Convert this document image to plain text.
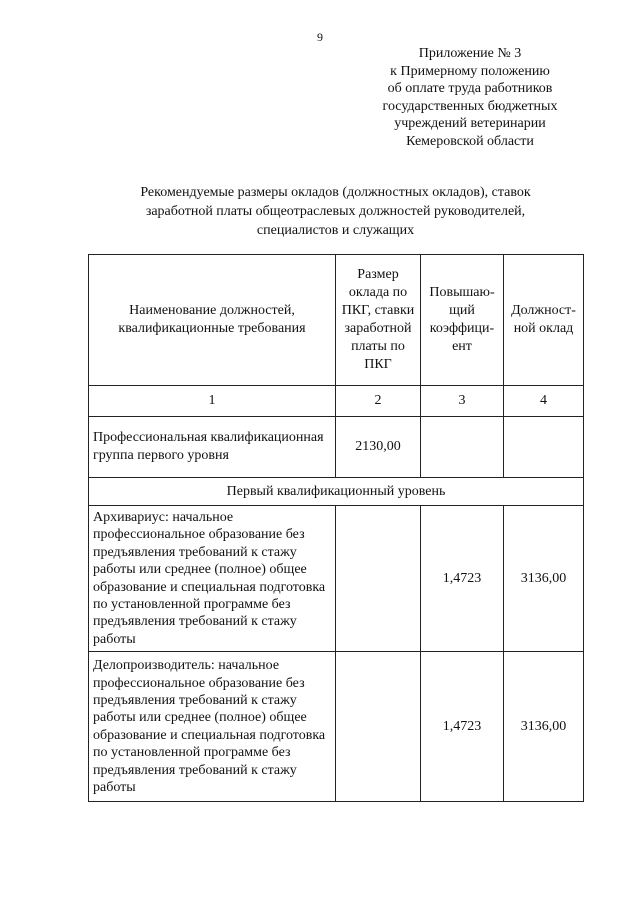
9
Приложение № 3
к Примерному положению
об оплате труда работников
государственных бюджетных
учреждений ветеринарии
Кемеровской области
Рекомендуемые размеры окладов (должностных окладов), ставок
заработной платы общеотраслевых должностей руководителей,
специалистов и служащих
Наименование должностей, квалификационные требования	Размер оклада по ПКГ, ставки заработной платы по ПКГ	Повышаю-щий коэффици-ент	Должност-ной оклад
1	2	3	4
Профессиональная квалификационная группа первого уровня	2130,00		
Первый квалификационный уровень			
Архивариус: начальное профессиональное образование без предъявления требований к стажу работы или среднее (полное) общее образование и специальная подготовка по установленной программе без предъявления требований к стажу работы		1,4723	3136,00
Делопроизводитель: начальное профессиональное образование без предъявления требований к стажу работы или среднее (полное) общее образование и специальная подготовка по установленной программе без предъявления требований к стажу работы		1,4723	3136,00
